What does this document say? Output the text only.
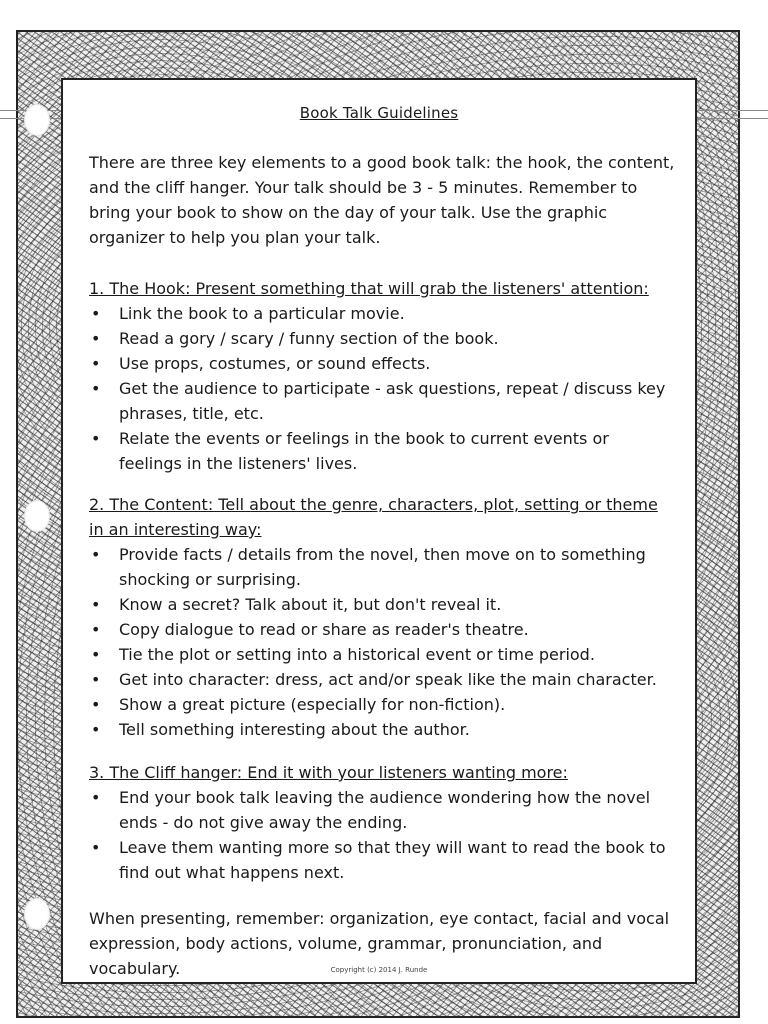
Book Talk Guidelines
There are three key elements to a good book talk: the hook, the content, and the cliff hanger. Your talk should be 3 - 5 minutes. Remember to bring your book to show on the day of your talk. Use the graphic organizer to help you plan your talk.
1. The Hook: Present something that will grab the listeners' attention:
• Link the book to a particular movie.
• Read a gory / scary / funny section of the book.
• Use props, costumes, or sound effects.
• Get the audience to participate - ask questions, repeat / discuss key phrases, title, etc.
• Relate the events or feelings in the book to current events or feelings in the listeners' lives.
2. The Content: Tell about the genre, characters, plot, setting or theme in an interesting way:
• Provide facts / details from the novel, then move on to something shocking or surprising.
• Know a secret? Talk about it, but don't reveal it.
• Copy dialogue to read or share as reader's theatre.
• Tie the plot or setting into a historical event or time period.
• Get into character: dress, act and/or speak like the main character.
• Show a great picture (especially for non-fiction).
• Tell something interesting about the author.
3. The Cliff hanger: End it with your listeners wanting more:
• End your book talk leaving the audience wondering how the novel ends - do not give away the ending.
• Leave them wanting more so that they will want to read the book to find out what happens next.
When presenting, remember: organization, eye contact, facial and vocal expression, body actions, volume, grammar, pronunciation, and vocabulary.	Copyright (c) 2014 J. Runde
